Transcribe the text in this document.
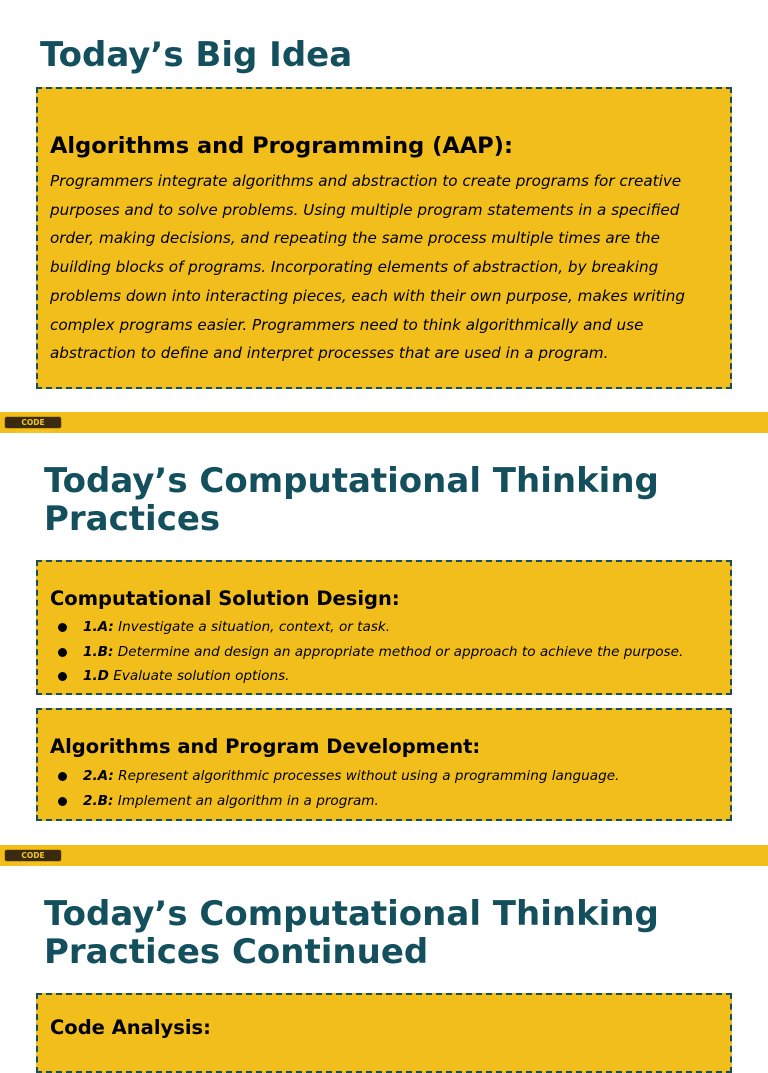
Today’s Big Idea
Algorithms and Programming (AAP):

Programmers integrate algorithms and abstraction to create programs for creative purposes and to solve problems. Using multiple program statements in a specified order, making decisions, and repeating the same process multiple times are the building blocks of programs. Incorporating elements of abstraction, by breaking problems down into interacting pieces, each with their own purpose, makes writing complex programs easier. Programmers need to think algorithmically and use abstraction to define and interpret processes that are used in a program.

CODE
Today’s Computational Thinking
Practices
Computational Solution Design:
1.A: Investigate a situation, context, or task.
1.B: Determine and design an appropriate method or approach to achieve the purpose.
1.D Evaluate solution options.
Algorithms and Program Development:
2.A: Represent algorithmic processes without using a programming language.
2.B: Implement an algorithm in a program.
CODE
Today’s Computational Thinking
Practices Continued
Code Analysis:
